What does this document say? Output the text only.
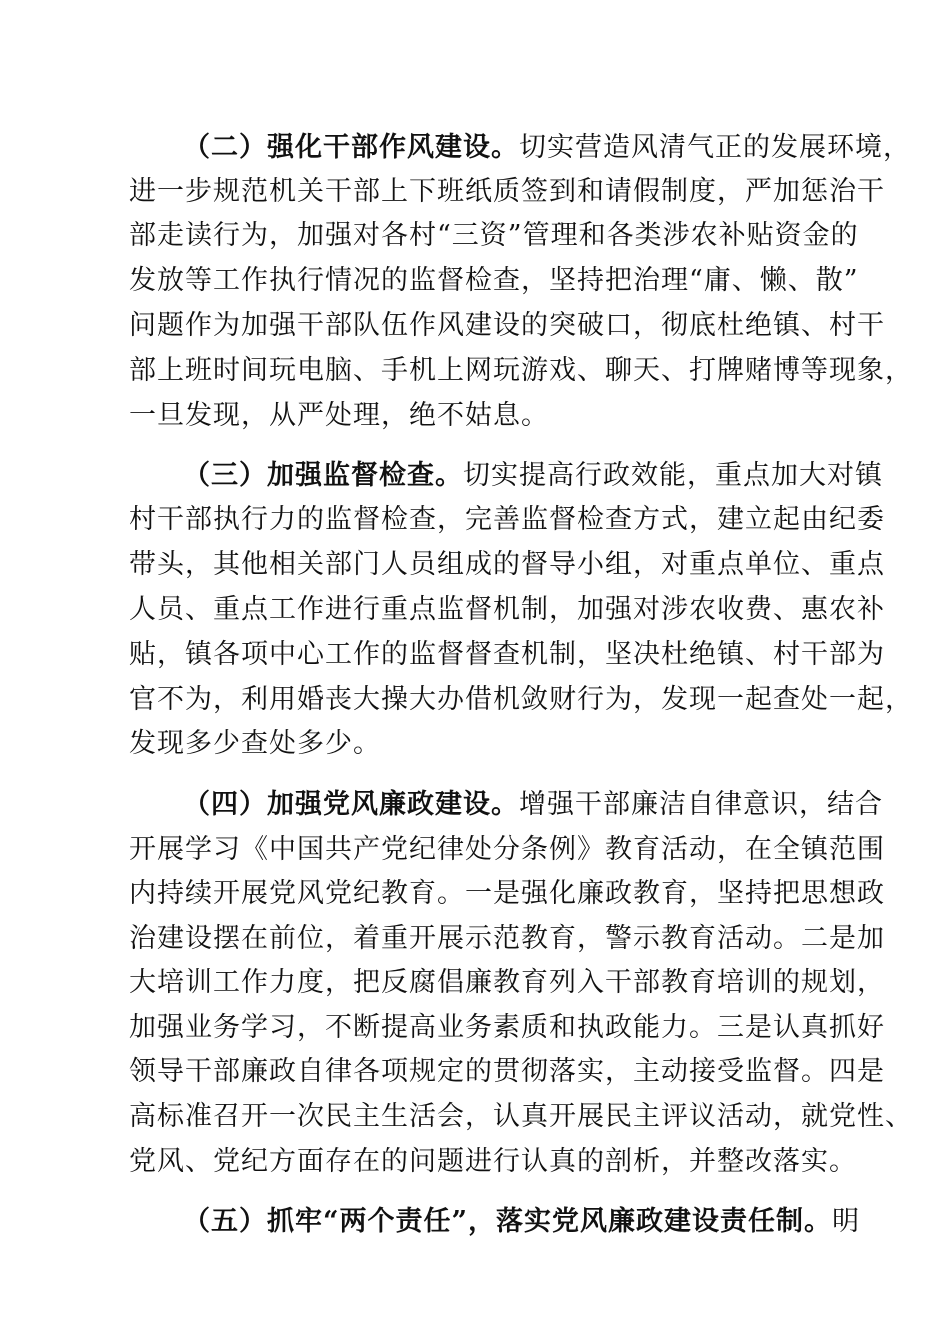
（二）强化干部作风建设。切实营造风清气正的发展环境，
进一步规范机关干部上下班纸质签到和请假制度，严加惩治干
部走读行为，加强对各村“三资”管理和各类涉农补贴资金的
发放等工作执行情况的监督检查，坚持把治理“庸、懒、散”
问题作为加强干部队伍作风建设的突破口，彻底杜绝镇、村干
部上班时间玩电脑、手机上网玩游戏、聊天、打牌赌博等现象，
一旦发现，从严处理，绝不姑息。
（三）加强监督检查。切实提高行政效能，重点加大对镇
村干部执行力的监督检查，完善监督检查方式，建立起由纪委
带头，其他相关部门人员组成的督导小组，对重点单位、重点
人员、重点工作进行重点监督机制，加强对涉农收费、惠农补
贴，镇各项中心工作的监督督查机制，坚决杜绝镇、村干部为
官不为，利用婚丧大操大办借机敛财行为，发现一起查处一起，
发现多少查处多少。
（四）加强党风廉政建设。增强干部廉洁自律意识，结合
开展学习《中国共产党纪律处分条例》教育活动，在全镇范围
内持续开展党风党纪教育。一是强化廉政教育，坚持把思想政
治建设摆在前位，着重开展示范教育，警示教育活动。二是加
大培训工作力度，把反腐倡廉教育列入干部教育培训的规划，
加强业务学习，不断提高业务素质和执政能力。三是认真抓好
领导干部廉政自律各项规定的贯彻落实，主动接受监督。四是
高标准召开一次民主生活会，认真开展民主评议活动，就党性、
党风、党纪方面存在的问题进行认真的剖析，并整改落实。
（五）抓牢“两个责任”，落实党风廉政建设责任制。明
